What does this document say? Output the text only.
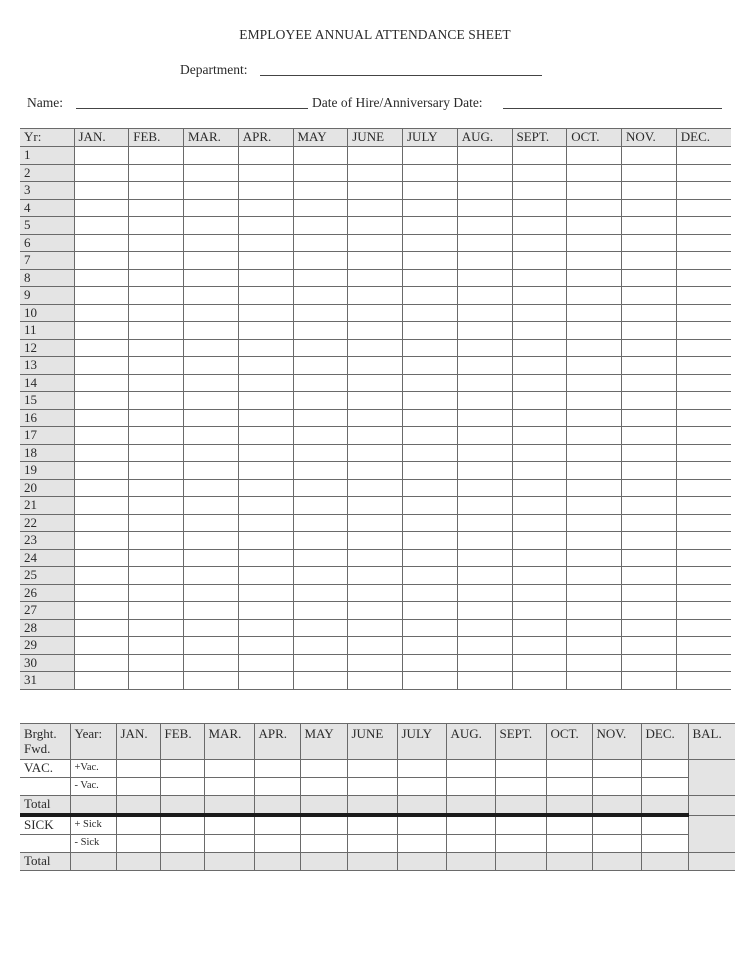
EMPLOYEE ANNUAL ATTENDANCE SHEET
Department:
Name:	Date of Hire/Anniversary Date:
Yr:	JAN.	FEB.	MAR.	APR.	MAY	JUNE	JULY	AUG.	SEPT.	OCT.	NOV.	DEC.
1												
2												
3												
4												
5												
6												
7												
8												
9												
10												
11												
12												
13												
14												
15												
16												
17												
18												
19												
20												
21												
22												
23												
24												
25												
26												
27												
28												
29												
30												
31												
Brght. Fwd.	Year:	JAN.	FEB.	MAR.	APR.	MAY	JUNE	JULY	AUG.	SEPT.	OCT.	NOV.	DEC.	BAL.
VAC.	+Vac.													
	- Vac.													
Total														
SICK	+ Sick													
	- Sick													
Total														
